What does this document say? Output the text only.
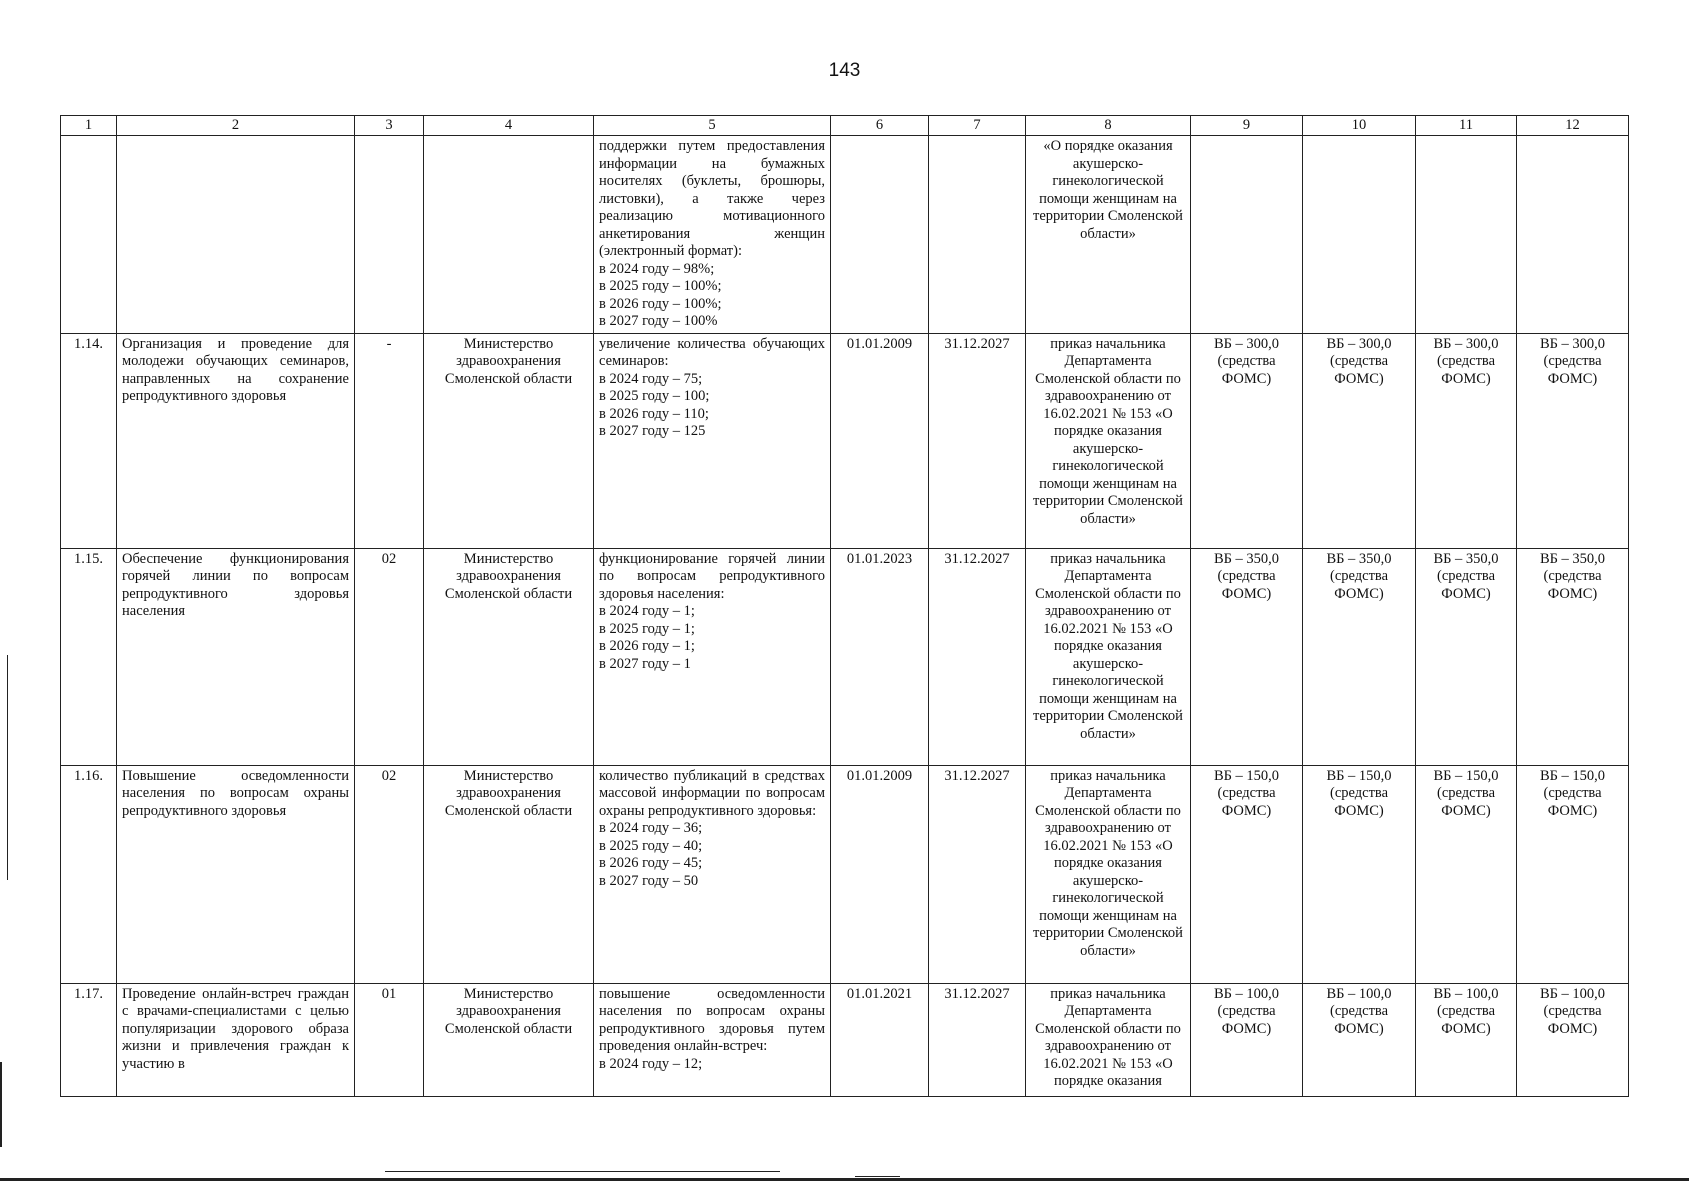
143
1	2	3	4	5	6	7	8	9	10	11	12

				поддержки путем предоставления информации на бумажных носителях (буклеты, брошюры, листовки), а также через реализацию мотивационного анкетирования женщин (электронный формат):
в 2024 году – 98%;
в 2025 году – 100%;
в 2026 году – 100%;
в 2027 году – 100%			«О порядке оказания акушерско-гинекологической помощи женщинам на территории Смоленской области»				
1.14.	Организация и проведение для молодежи обучающих семинаров, направленных на сохранение репродуктивного здоровья	-	Министерство здравоохранения Смоленской области	увеличение количества обучающих семинаров:
в 2024 году – 75;
в 2025 году – 100;
в 2026 году – 110;
в 2027 году – 125	01.01.2009	31.12.2027	приказ начальника Департамента Смоленской области по здравоохранению от 16.02.2021 № 153 «О порядке оказания акушерско-гинекологической помощи женщинам на территории Смоленской области»	ВБ – 300,0 (средства ФОМС)	ВБ – 300,0 (средства ФОМС)	ВБ – 300,0 (средства ФОМС)	ВБ – 300,0 (средства ФОМС)
1.15.	Обеспечение функционирования горячей линии по вопросам репродуктивного здоровья населения	02	Министерство здравоохранения Смоленской области	функционирование горячей линии по вопросам репродуктивного здоровья населения:
в 2024 году – 1;
в 2025 году – 1;
в 2026 году – 1;
в 2027 году – 1	01.01.2023	31.12.2027	приказ начальника Департамента Смоленской области по здравоохранению от 16.02.2021 № 153 «О порядке оказания акушерско-гинекологической помощи женщинам на территории Смоленской области»	ВБ – 350,0 (средства ФОМС)	ВБ – 350,0 (средства ФОМС)	ВБ – 350,0 (средства ФОМС)	ВБ – 350,0 (средства ФОМС)
1.16.	Повышение осведомленности населения по вопросам охраны репродуктивного здоровья	02	Министерство здравоохранения Смоленской области	количество публикаций в средствах массовой информации по вопросам охраны репродуктивного здоровья:
в 2024 году – 36;
в 2025 году – 40;
в 2026 году – 45;
в 2027 году – 50	01.01.2009	31.12.2027	приказ начальника Департамента Смоленской области по здравоохранению от 16.02.2021 № 153 «О порядке оказания акушерско-гинекологической помощи женщинам на территории Смоленской области»	ВБ – 150,0 (средства ФОМС)	ВБ – 150,0 (средства ФОМС)	ВБ – 150,0 (средства ФОМС)	ВБ – 150,0 (средства ФОМС)
1.17.	Проведение онлайн-встреч граждан с врачами-специалистами с целью популяризации здорового образа жизни и привлечения граждан к участию в	01	Министерство здравоохранения Смоленской области	повышение осведомленности населения по вопросам охраны репродуктивного здоровья путем проведения онлайн-встреч:
в 2024 году – 12;	01.01.2021	31.12.2027	приказ начальника Департамента Смоленской области по здравоохранению от 16.02.2021 № 153 «О порядке оказания	ВБ – 100,0 (средства ФОМС)	ВБ – 100,0 (средства ФОМС)	ВБ – 100,0 (средства ФОМС)	ВБ – 100,0 (средства ФОМС)
